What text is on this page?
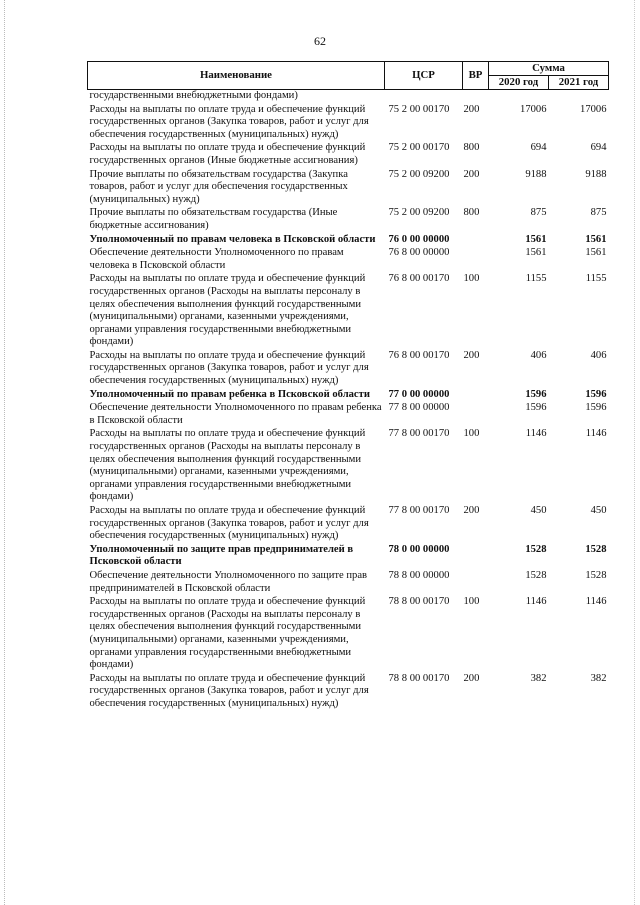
62
Наименование	ЦСР	ВР	Сумма	
			2020 год	2021 год
государственными внебюджетными фондами)				
Расходы на выплаты по оплате труда и обеспечение функций государственных органов (Закупка товаров, работ и услуг для обеспечения государственных (муниципальных) нужд)	75 2 00 00170	200	17006	17006
Расходы на выплаты по оплате труда и обеспечение функций государственных органов (Иные бюджетные ассигнования)	75 2 00 00170	800	694	694
Прочие выплаты по обязательствам государства (Закупка товаров, работ и услуг для обеспечения государственных (муниципальных) нужд)	75 2 00 09200	200	9188	9188
Прочие выплаты по обязательствам государства (Иные бюджетные ассигнования)	75 2 00 09200	800	875	875
Уполномоченный по правам человека в Псковской области	76 0 00 00000		1561	1561
Обеспечение деятельности Уполномоченного по правам человека в Псковской области	76 8 00 00000		1561	1561
Расходы на выплаты по оплате труда и обеспечение функций государственных органов (Расходы на выплаты персоналу в целях обеспечения выполнения функций государственными (муниципальными) органами, казенными учреждениями, органами управления государственными внебюджетными фондами)	76 8 00 00170	100	1155	1155
Расходы на выплаты по оплате труда и обеспечение функций государственных органов (Закупка товаров, работ и услуг для обеспечения государственных (муниципальных) нужд)	76 8 00 00170	200	406	406
Уполномоченный по правам ребенка в Псковской области	77 0 00 00000		1596	1596
Обеспечение деятельности Уполномоченного по правам ребенка в Псковской области	77 8 00 00000		1596	1596
Расходы на выплаты по оплате труда и обеспечение функций государственных органов (Расходы на выплаты персоналу в целях обеспечения выполнения функций государственными (муниципальными) органами, казенными учреждениями, органами управления государственными внебюджетными фондами)	77 8 00 00170	100	1146	1146
Расходы на выплаты по оплате труда и обеспечение функций государственных органов (Закупка товаров, работ и услуг для обеспечения государственных (муниципальных) нужд)	77 8 00 00170	200	450	450
Уполномоченный по защите прав предпринимателей в Псковской области	78 0 00 00000		1528	1528
Обеспечение деятельности Уполномоченного по защите прав предпринимателей в Псковской области	78 8 00 00000		1528	1528
Расходы на выплаты по оплате труда и обеспечение функций государственных органов (Расходы на выплаты персоналу в целях обеспечения выполнения функций государственными (муниципальными) органами, казенными учреждениями, органами управления государственными внебюджетными фондами)	78 8 00 00170	100	1146	1146
Расходы на выплаты по оплате труда и обеспечение функций государственных органов (Закупка товаров, работ и услуг для обеспечения государственных (муниципальных) нужд)	78 8 00 00170	200	382	382
